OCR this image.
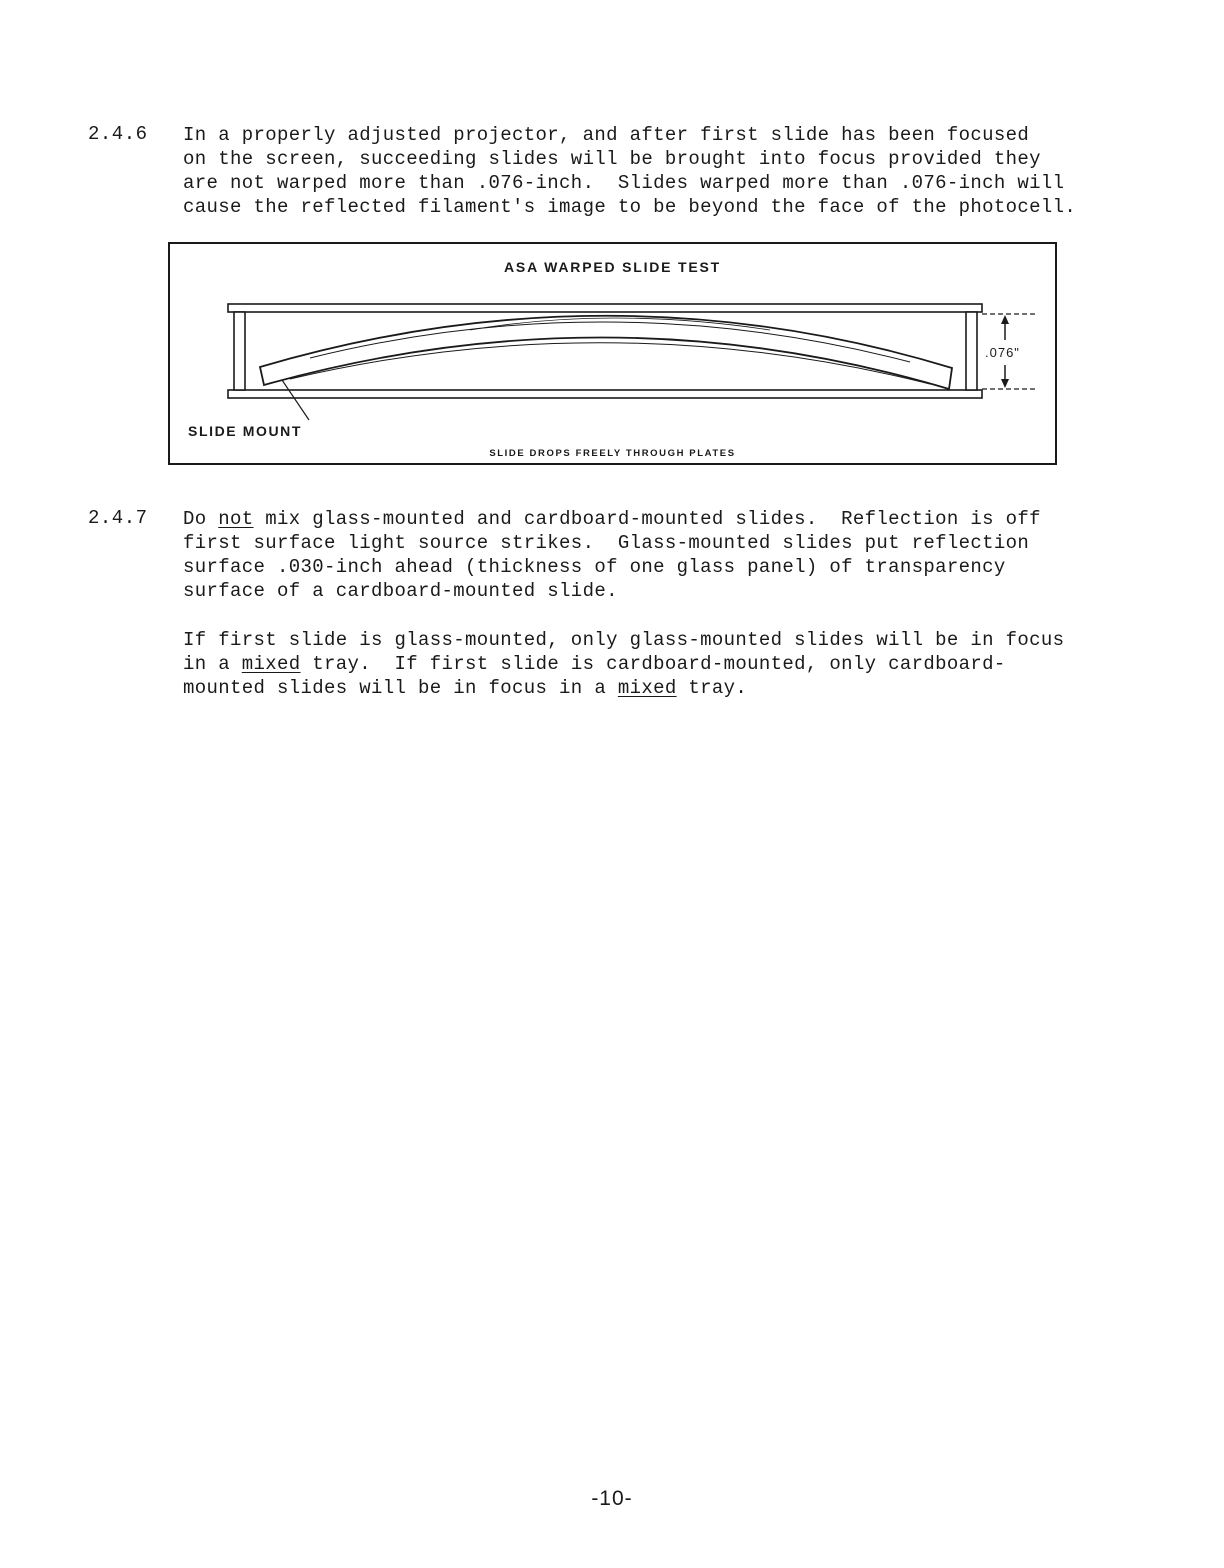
2.4.6 In a properly adjusted projector, and after first slide has been focused
on the screen, succeeding slides will be brought into focus provided they
are not warped more than .076-inch.  Slides warped more than .076-inch will
cause the reflected filament's image to be beyond the face of the photocell.
ASA WARPED SLIDE TEST
.076"
SLIDE MOUNT
SLIDE DROPS FREELY THROUGH PLATES
2.4.7 Do not mix glass-mounted and cardboard-mounted slides.  Reflection is off
first surface light source strikes.  Glass-mounted slides put reflection
surface .030-inch ahead (thickness of one glass panel) of transparency
surface of a cardboard-mounted slide.
If first slide is glass-mounted, only glass-mounted slides will be in focus
in a mixed tray.  If first slide is cardboard-mounted, only cardboard-
mounted slides will be in focus in a mixed tray.
-10-
